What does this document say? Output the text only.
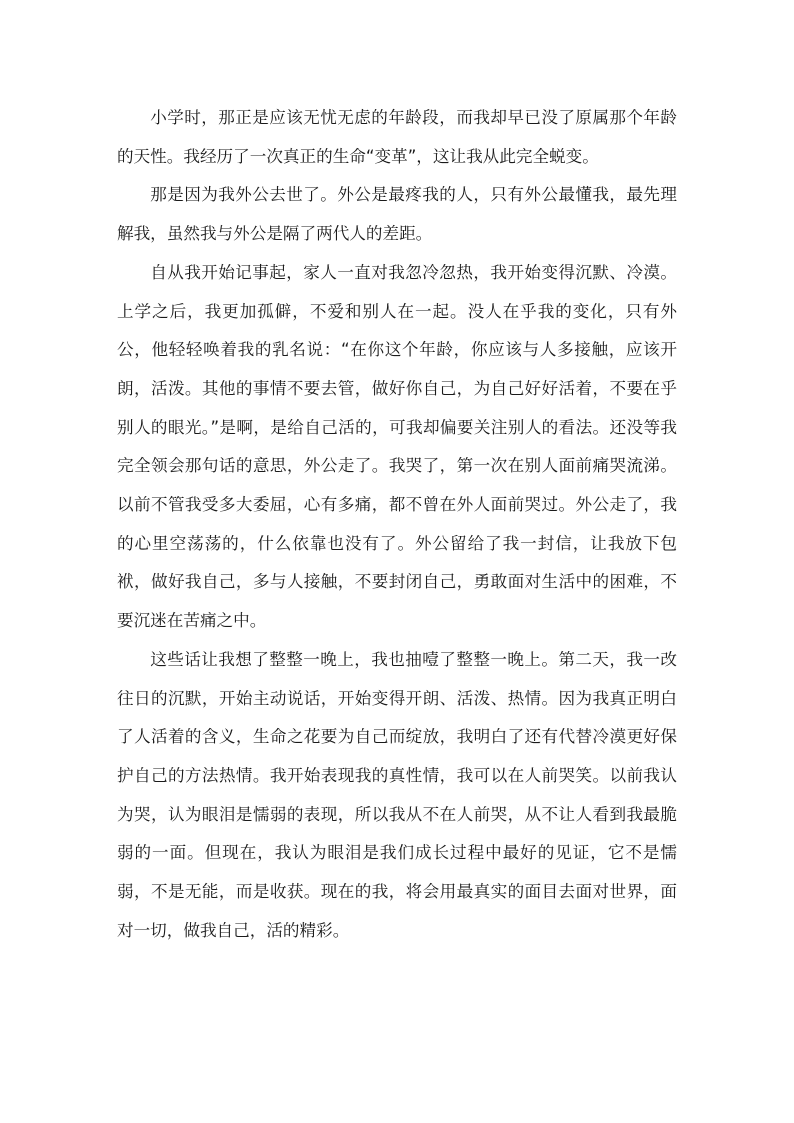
小学时，那正是应该无忧无虑的年龄段，而我却早已没了原属那个年龄的天性。我经历了一次真正的生命“变革”，这让我从此完全蜕变。

那是因为我外公去世了。外公是最疼我的人，只有外公最懂我，最先理解我，虽然我与外公是隔了两代人的差距。

自从我开始记事起，家人一直对我忽冷忽热，我开始变得沉默、冷漠。上学之后，我更加孤僻，不爱和别人在一起。没人在乎我的变化，只有外公，他轻轻唤着我的乳名说：“在你这个年龄，你应该与人多接触，应该开朗，活泼。其他的事情不要去管，做好你自己，为自己好好活着，不要在乎别人的眼光。”是啊，是给自己活的，可我却偏要关注别人的看法。还没等我完全领会那句话的意思，外公走了。我哭了，第一次在别人面前痛哭流涕。以前不管我受多大委屈，心有多痛，都不曾在外人面前哭过。外公走了，我的心里空荡荡的，什么依靠也没有了。外公留给了我一封信，让我放下包袱，做好我自己，多与人接触，不要封闭自己，勇敢面对生活中的困难，不要沉迷在苦痛之中。

这些话让我想了整整一晚上，我也抽噎了整整一晚上。第二天，我一改往日的沉默，开始主动说话，开始变得开朗、活泼、热情。因为我真正明白了人活着的含义，生命之花要为自己而绽放，我明白了还有代替冷漠更好保护自己的方法热情。我开始表现我的真性情，我可以在人前哭笑。以前我认为哭，认为眼泪是懦弱的表现，所以我从不在人前哭，从不让人看到我最脆弱的一面。但现在，我认为眼泪是我们成长过程中最好的见证，它不是懦弱，不是无能，而是收获。现在的我，将会用最真实的面目去面对世界，面对一切，做我自己，活的精彩。
